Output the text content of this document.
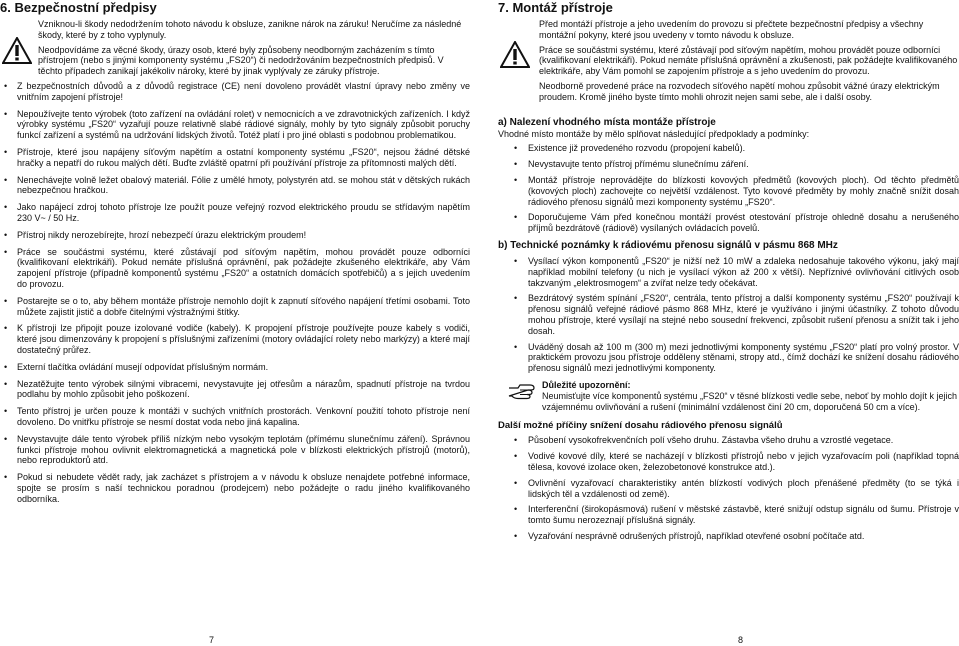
6. Bezpečnostní předpisy

Vzniknou-li škody nedodržením tohoto návodu k obsluze, zanikne nárok na záruku! Neručíme za následné škody, které by z toho vyplynuly.

Neodpovídáme za věcné škody, úrazy osob, které byly způsobeny neodborným zacházením s tímto přístrojem (nebo s jinými komponenty systému „FS20“) či nedodržováním bezpečnostních předpisů. V těchto případech zanikají jakékoliv nároky, které by jinak vyplývaly ze záruky přístroje.

• Z bezpečnostních důvodů a z důvodů registrace (CE) není dovoleno provádět vlastní úpravy nebo změny ve vnitřním zapojení přístroje!
• Nepoužívejte tento výrobek (toto zařízení na ovládání rolet) v nemocnicích a ve zdravotnických zařízeních. I když výrobky systému „FS20“ vyzařují pouze relativně slabé rádiové signály, mohly by tyto signály způsobit poruchy funkcí zařízení a systémů na udržování lidských životů. Totéž platí i pro jiné oblasti s podobnou problematikou.
• Přístroje, které jsou napájeny síťovým napětím a ostatní komponenty systému „FS20“, nejsou žádné dětské hračky a nepatří do rukou malých dětí. Buďte zvláště opatrní při používání přístroje za přítomnosti malých dětí.
• Nenechávejte volně ležet obalový materiál. Fólie z umělé hmoty, polystyrén atd. se mohou stát v dětských rukách nebezpečnou hračkou.
• Jako napájecí zdroj tohoto přístroje lze použít pouze veřejný rozvod elektrického proudu se střídavým napětím 230 V~ / 50 Hz.
• Přístroj nikdy nerozebírejte, hrozí nebezpečí úrazu elektrickým proudem!
• Práce se součástmi systému, které zůstávají pod síťovým napětím, mohou provádět pouze odborníci (kvalifikovaní elektrikáři). Pokud nemáte příslušná oprávnění, pak požádejte zkušeného elektrikáře, aby Vám zapojení přístroje (případně komponentů systému „FS20“ a ostatních domácích spotřebičů) a s jejich uvedením do provozu.
• Postarejte se o to, aby během montáže přístroje nemohlo dojít k zapnutí síťového napájení třetími osobami. Toto můžete zajistit jistič a dobře čitelnými výstražnými štítky.
• K přístroji lze připojit pouze izolované vodiče (kabely). K propojení přístroje používejte pouze kabely s vodiči, které jsou dimenzovány k propojení s příslušnými zařízeními (motory ovládající rolety nebo markýzy) a které mají dostatečný průřez.
• Externí tlačítka ovládání musejí odpovídat příslušným normám.
• Nezatěžujte tento výrobek silnými vibracemi, nevystavujte jej otřesům a nárazům, spadnutí přístroje na tvrdou podlahu by mohlo způsobit jeho poškození.
• Tento přístroj je určen pouze k montáži v suchých vnitřních prostorách. Venkovní použití tohoto přístroje není dovoleno. Do vnitřku přístroje se nesmí dostat voda nebo jiná kapalina.
• Nevystavujte dále tento výrobek příliš nízkým nebo vysokým teplotám (přímému slunečnímu záření). Správnou funkci přístroje mohou ovlivnit elektromagnetická a magnetická pole v blízkosti elektrických přístrojů (motorů), nebo reproduktorů atd.
• Pokud si nebudete vědět rady, jak zacházet s přístrojem a v návodu k obsluze nenajdete potřebné informace, spojte se prosím s naší technickou poradnou (prodejcem) nebo požádejte o radu jiného kvalifikovaného odborníka.
7
7. Montáž přístroje

Před montáží přístroje a jeho uvedením do provozu si přečtete bezpečnostní předpisy a všechny montážní pokyny, které jsou uvedeny v tomto návodu k obsluze.

Práce se součástmi systému, které zůstávají pod síťovým napětím, mohou provádět pouze odborníci (kvalifikovaní elektrikáři). Pokud nemáte příslušná oprávnění a zkušenosti, pak požádejte kvalifikovaného elektrikáře, aby Vám pomohl se zapojením přístroje a s jeho uvedením do provozu.

Neodborně provedené práce na rozvodech síťového napětí mohou způsobit vážné úrazy elektrickým proudem. Kromě jiného byste tímto mohli ohrozit nejen sami sebe, ale i další osoby.

a) Nalezení vhodného místa montáže přístroje

Vhodné místo montáže by mělo splňovat následující předpoklady a podmínky:

• Existence již provedeného rozvodu (propojení kabelů).
• Nevystavujte tento přístroj přímému slunečnímu záření.
• Montáž přístroje neprovádějte do blízkosti kovových předmětů (kovových ploch). Od těchto předmětů (kovových ploch) zachovejte co největší vzdálenost. Tyto kovové předměty by mohly značně snížit dosah rádiového přenosu signálů mezi komponenty systému „FS20“.
• Doporučujeme Vám před konečnou montáží provést otestování přístroje ohledně dosahu a nerušeného příjmů bezdrátově (rádiově) vysílaných ovládacích povelů.
b) Technické poznámky k rádiovému přenosu signálů v pásmu 868 MHz
• Vysílací výkon komponentů „FS20“ je nižší než 10 mW a zdaleka nedosahuje takového výkonu, jaký mají například mobilní telefony (u nich je vysílací výkon až 200 x větší). Nepříznivé ovlivňování citlivých osob takzvaným „elektrosmogem“ a zvířat nelze tedy očekávat.
• Bezdrátový systém spínání „FS20“, centrála, tento přístroj a další komponenty systému „FS20“ používají k přenosu signálů veřejné rádiové pásmo 868 MHz, které je využíváno i jinými účastníky. Z tohoto důvodu mohou přístroje, které vysílají na stejné nebo sousední frekvenci, způsobit rušení přenosu a snížit tak i jeho dosah.
• Uváděný dosah až 100 m (300 m) mezi jednotlivými komponenty systému „FS20“ platí pro volný prostor. V praktickém provozu jsou přístroje odděleny stěnami, stropy atd., čímž dochází ke snížení dosahu rádiového přenosu signálů mezi jednotlivými komponenty.
Důležité upozornění:

Neumisťujte více komponentů systému „FS20“ v těsné blízkosti vedle sebe, neboť by mohlo dojít k jejich vzájemnému ovlivňování a rušení (minimální vzdálenost činí 20 cm, doporučená 50 cm a více).

Další možné příčiny snížení dosahu rádiového přenosu signálů
• Působení vysokofrekvenčních polí všeho druhu. Zástavba všeho druhu a vzrostlé vegetace.
• Vodivé kovové díly, které se nacházejí v blízkosti přístrojů nebo v jejich vyzařovacím poli (například topná tělesa, kovové izolace oken, železobetonové konstrukce atd.).
• Ovlivnění vyzařovací charakteristiky antén blízkostí vodivých ploch přenášené předměty (to se týká i lidských těl a vzdálenosti od země).
• Interferenční (širokopásmová) rušení v městské zástavbě, které snižují odstup signálu od šumu. Přístroje v tomto šumu nerozeznají příslušná signály.
• Vyzařování nesprávně odrušených přístrojů, například otevřené osobní počítače atd.
8
